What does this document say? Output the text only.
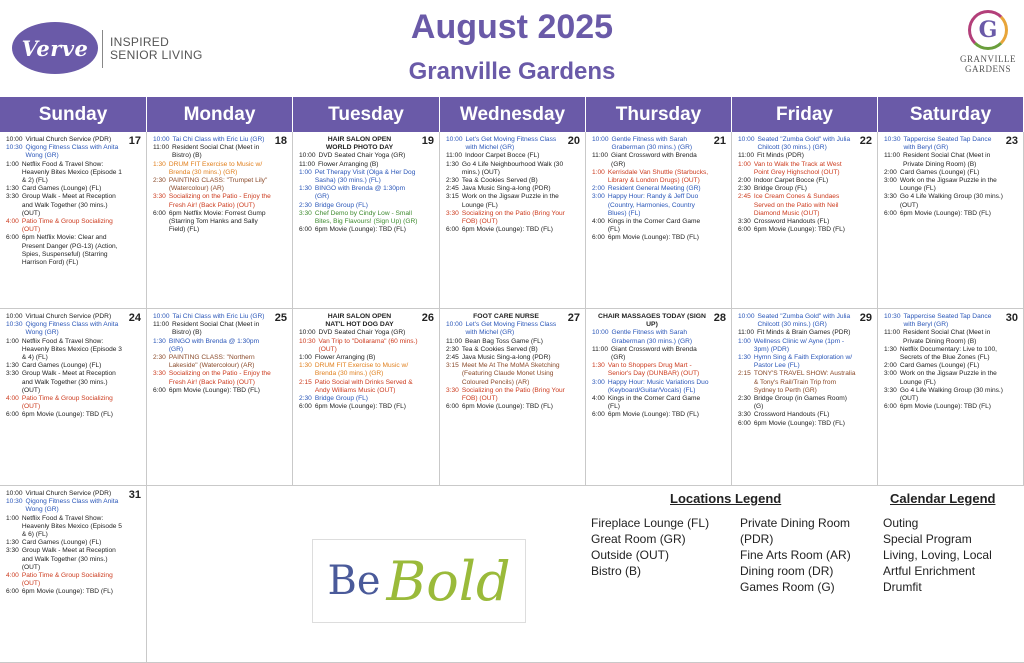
Verve INSPIRED
SENIOR LIVING
August 2025
Granville Gardens
G
GRANVILLE
GARDENS
Sunday	Monday	Tuesday	Wednesday	Thursday	Friday	Saturday
17
10:00 Virtual Church Service (PDR)
10:30 Qigong Fitness Class with Anita Wong (GR)
1:00 Netflix Food & Travel Show: Heavenly Bites Mexico (Episode 1 & 2) (FL)
1:30 Card Games (Lounge) (FL)
3:30 Group Walk - Meet at Reception and Walk Together (30 mins.) (OUT)
4:00 Patio Time & Group Socializing (OUT)
6:00 6pm Netflix Movie: Clear and Present Danger (PG-13) (Action, Spies, Suspenseful) (Starring Harrison Ford) (FL)
18
10:00 Tai Chi Class with Eric Liu (GR)
11:00 Resident Social Chat (Meet in Bistro) (B)
1:30 DRUM FIT Exercise to Music w/ Brenda (30 mins.) (GR)
2:30 PAINTING CLASS: "Trumpet Lily" (Watercolour) (AR)
3:30 Socializing on the Patio - Enjoy the Fresh Air! (Back Patio) (OUT)
6:00 6pm Netflix Movie: Forrest Gump (Starring Tom Hanks and Sally Field) (FL)
19
HAIR SALON OPEN
WORLD PHOTO DAY
10:00 DVD Seated Chair Yoga (GR)
11:00 Flower Arranging (B)
1:00 Pet Therapy Visit (Olga & Her Dog Sasha) (30 mins.) (FL)
1:30 BINGO with Brenda @ 1:30pm (GR)
2:30 Bridge Group (FL)
3:30 Chef Demo by Cindy Low - Small Bites, Big Flavours! (Sign Up) (GR)
6:00 6pm Movie (Lounge): TBD (FL)
20
10:00 Let's Get Moving Fitness Class with Michel (GR)
11:00 Indoor Carpet Bocce (FL)
1:30 Go 4 Life Neighbourhood Walk (30 mins.) (OUT)
2:30 Tea & Cookies Served (B)
2:45 Java Music Sing-a-long (PDR)
3:15 Work on the Jigsaw Puzzle in the Lounge (FL)
3:30 Socializing on the Patio (Bring Your FOB) (OUT)
6:00 6pm Movie (Lounge): TBD (FL)
21
10:00 Gentle Fitness with Sarah Graberman (30 mins.) (GR)
11:00 Giant Crossword with Brenda (GR)
1:00 Kerrisdale Van Shuttle (Starbucks, Library & London Drugs) (OUT)
2:00 Resident General Meeting (GR)
3:00 Happy Hour: Randy & Jeff Duo (Country, Harmonies, Country Blues) (FL)
4:00 Kings in the Corner Card Game (FL)
6:00 6pm Movie (Lounge): TBD (FL)
22
10:00 Seated "Zumba Gold" with Julia Chilcott (30 mins.) (GR)
11:00 Fit Minds (PDR)
1:00 Van to Walk the Track at West Point Grey Highschool (OUT)
2:00 Indoor Carpet Bocce (FL)
2:30 Bridge Group (FL)
2:45 Ice Cream Cones & Sundaes Served on the Patio with Neil Diamond Music (OUT)
3:30 Crossword Handouts (FL)
6:00 6pm Movie (Lounge): TBD (FL)
23
10:30 Tappercise Seated Tap Dance with Beryl (GR)
11:00 Resident Social Chat (Meet in Private Dining Room) (B)
2:00 Card Games (Lounge) (FL)
3:00 Work on the Jigsaw Puzzle in the Lounge (FL)
3:30 Go 4 Life Walking Group (30 mins.) (OUT)
6:00 6pm Movie (Lounge): TBD (FL)
24
10:00 Virtual Church Service (PDR)
10:30 Qigong Fitness Class with Anita Wong (GR)
1:00 Netflix Food & Travel Show: Heavenly Bites Mexico (Episode 3 & 4) (FL)
1:30 Card Games (Lounge) (FL)
3:30 Group Walk - Meet at Reception and Walk Together (30 mins.) (OUT)
4:00 Patio Time & Group Socializing (OUT)
6:00 6pm Movie (Lounge): TBD (FL)
25
10:00 Tai Chi Class with Eric Liu (GR)
11:00 Resident Social Chat (Meet in Bistro) (B)
1:30 BINGO with Brenda @ 1:30pm (GR)
2:30 PAINTING CLASS: "Northern Lakeside" (Watercolour) (AR)
3:30 Socializing on the Patio - Enjoy the Fresh Air! (Back Patio) (OUT)
6:00 6pm Movie (Lounge): TBD (FL)
26
HAIR SALON OPEN
NAT'L HOT DOG DAY
10:00 DVD Seated Chair Yoga (GR)
10:30 Van Trip to "Dollarama" (60 mins.) (OUT)
1:00 Flower Arranging (B)
1:30 DRUM FIT Exercise to Music w/ Brenda (30 mins.) (GR)
2:15 Patio Social with Drinks Served & Andy Williams Music (OUT)
2:30 Bridge Group (FL)
6:00 6pm Movie (Lounge): TBD (FL)
27
FOOT CARE NURSE
10:00 Let's Get Moving Fitness Class with Michel (GR)
11:00 Bean Bag Toss Game (FL)
2:30 Tea & Cookies Served (B)
2:45 Java Music Sing-a-long (PDR)
3:15 Meet Me At The MoMA Sketching (Featuring Claude Monet Using Coloured Pencils) (AR)
3:30 Socializing on the Patio (Bring Your FOB) (OUT)
6:00 6pm Movie (Lounge): TBD (FL)
28
CHAIR MASSAGES TODAY (SIGN UP)
10:00 Gentle Fitness with Sarah Graberman (30 mins.) (GR)
11:00 Giant Crossword with Brenda (GR)
1:30 Van to Shoppers Drug Mart - Senior's Day (DUNBAR) (OUT)
3:00 Happy Hour: Music Variations Duo (Keyboard/Guitar/Vocals) (FL)
4:00 Kings in the Corner Card Game (FL)
6:00 6pm Movie (Lounge): TBD (FL)
29
10:00 Seated "Zumba Gold" with Julia Chilcott (30 mins.) (GR)
11:00 Fit Minds & Brain Games (PDR)
1:00 Wellness Clinic w/ Ayne (1pm - 3pm) (PDR)
1:30 Hymn Sing & Faith Exploration w/ Pastor Lee (FL)
2:15 TONY'S TRAVEL SHOW: Australia & Tony's Rail/Train Trip from Sydney to Perth (GR)
2:30 Bridge Group (in Games Room) (G)
3:30 Crossword Handouts (FL)
6:00 6pm Movie (Lounge): TBD (FL)
30
10:30 Tappercise Seated Tap Dance with Beryl (GR)
11:00 Resident Social Chat (Meet in Private Dining Room) (B)
1:30 Netflix Documentary: Live to 100, Secrets of the Blue Zones (FL)
2:00 Card Games (Lounge) (FL)
3:00 Work on the Jigsaw Puzzle in the Lounge (FL)
3:30 Go 4 Life Walking Group (30 mins.) (OUT)
6:00 6pm Movie (Lounge): TBD (FL)
31
10:00 Virtual Church Service (PDR)
10:30 Qigong Fitness Class with Anita Wong (GR)
1:00 Netflix Food & Travel Show: Heavenly Bites Mexico (Episode 5 & 6) (FL)
1:30 Card Games (Lounge) (FL)
3:30 Group Walk - Meet at Reception and Walk Together (30 mins.) (OUT)
4:00 Patio Time & Group Socializing (OUT)
6:00 6pm Movie (Lounge): TBD (FL)	Be Bold
Locations Legend
Fireplace Lounge (FL)
Great Room (GR)
Outside (OUT)
Bistro (B)
Private Dining Room
(PDR)
Fine Arts Room (AR)
Dining room (DR)
Games Room (G)
Calendar Legend
Outing
Special Program
Living, Loving, Local
Artful Enrichment
Drumfit
